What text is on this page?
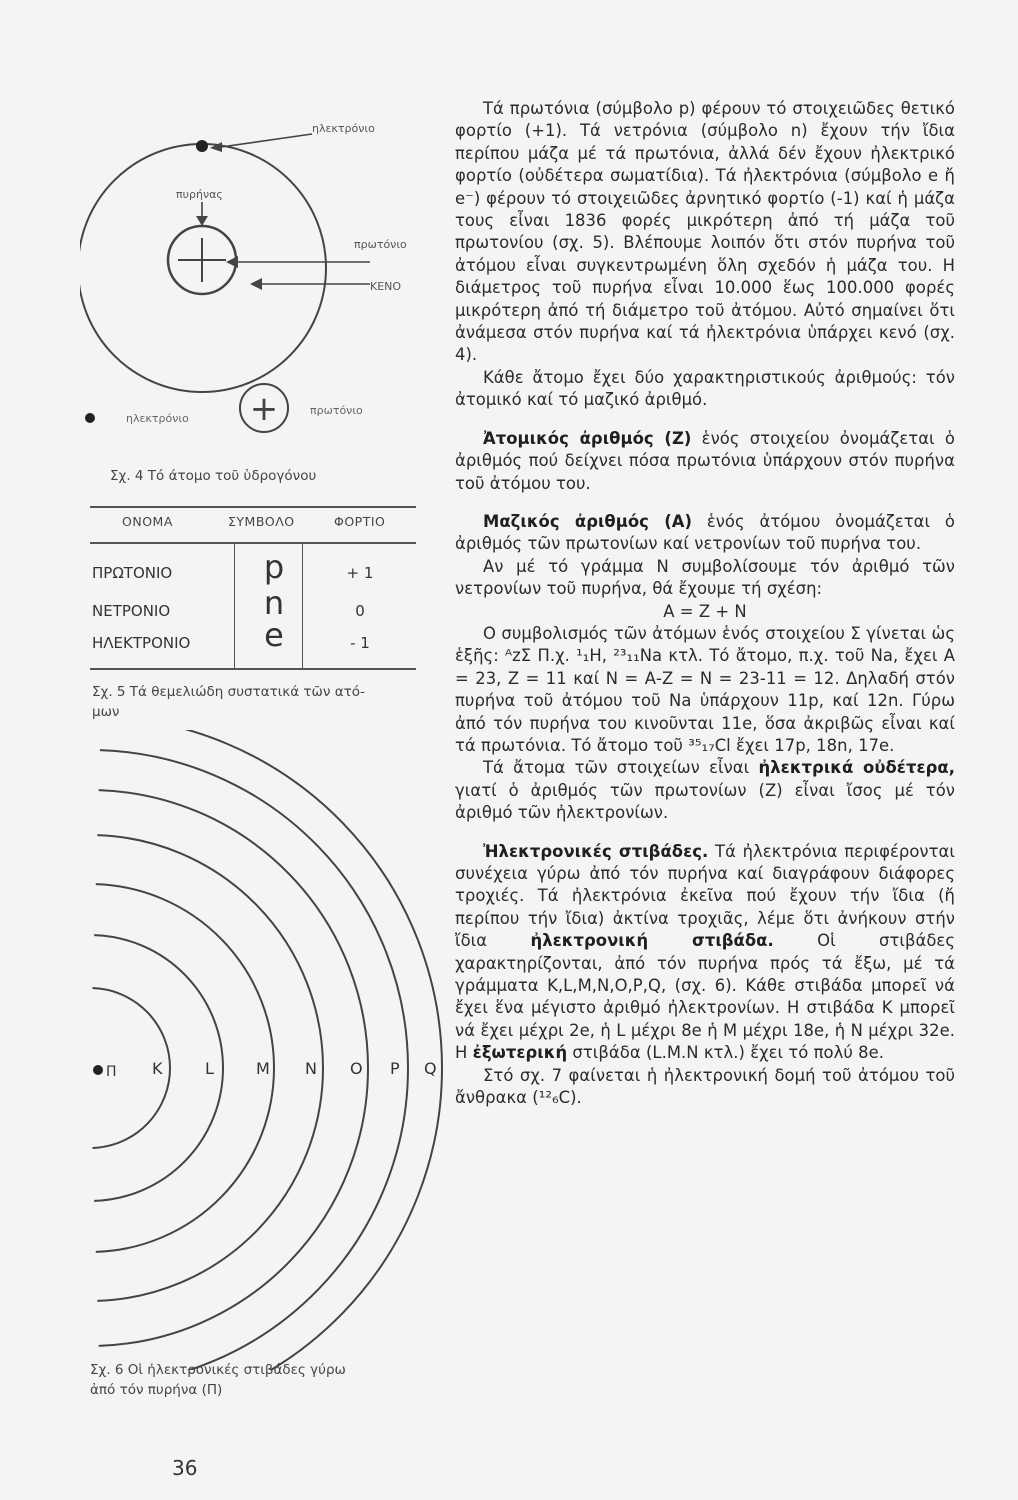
ηλεκτρόνιο
πυρήνας
πρωτόνιο
ΚΕΝΟ
ηλεκτρόνιο +	πρωτόνιο
Σχ. 4 Τό άτομο τοῦ ὑδρογόνου
ΟΝΟΜΑ	ΣΥΜΒΟΛΟ	ΦΟΡΤΙΟ
ΠΡΩΤΟΝΙΟ	p	+ 1
ΝΕΤΡΟΝΙΟ	n	0
ΗΛΕΚΤΡΟΝΙΟ e	- 1
Σχ. 5 Τά θεμελιώδη συστατικά τῶν ατό-
μων
K	L	M N O P Q
Π
Σχ. 6 Οἱ ἠλεκτρονικές στιβάδες γύρω
ἀπό τόν πυρήνα (Π)

Τά πρωτόνια (σύμβολο p) φέρουν τό στοιχειῶδες θετικό φορτίο (+1). Τά νετρόνια (σύμβολο n) ἔχουν τήν ἴδια περίπου μάζα μέ τά πρωτόνια, ἀλλά δέν ἔχουν ἠλεκτρικό φορτίο (οὐδέτερα σωματίδια). Τά ἠλεκτρόνια (σύμβολο e ἤ e⁻) φέρουν τό στοιχειῶδες ἀρνητικό φορτίο (-1) καί ἡ μάζα τους εἶναι 1836 φορές μικρότερη ἀπό τή μάζα τοῦ πρωτονίου (σχ. 5). Βλέπουμε λοιπόν ὅτι στόν πυρήνα τοῦ ἀτόμου εἶναι συγκεντρωμένη ὅλη σχεδόν ἡ μάζα του. Η διάμετρος τοῦ πυρήνα εἶναι 10.000 ἕως 100.000 φορές μικρότερη ἀπό τή διάμετρο τοῦ ἀτόμου. Αὐτό σημαίνει ὅτι ἀνάμεσα στόν πυρήνα καί τά ἠλεκτρόνια ὑπάρχει κενό (σχ. 4).

Κάθε ἄτομο ἔχει δύο χαρακτηριστικούς ἀριθμούς: τόν ἀτομικό καί τό μαζικό ἀριθμό.

Ἀτομικός ἀριθμός (Ζ) ἑνός στοιχείου ὀνομάζεται ὁ ἀριθμός πού δείχνει πόσα πρωτόνια ὑπάρχουν στόν πυρήνα τοῦ ἀτόμου του.

Μαζικός ἀριθμός (Α) ἑνός ἀτόμου ὀνομάζεται ὁ ἀριθμός τῶν πρωτονίων καί νετρονίων τοῦ πυρήνα του.

Αν μέ τό γράμμα Ν συμβολίσουμε τόν ἀριθμό τῶν νετρονίων τοῦ πυρήνα, θά ἔχουμε τή σχέση:

Α = Ζ + Ν

Ο συμβολισμός τῶν ἀτόμων ἑνός στοιχείου Σ γίνεται ὡς ἑξῆς: ᴬzΣ Π.χ. ¹₁Η, ²³₁₁Na κτλ. Τό ἄτομο, π.χ. τοῦ Na, ἔχει Α = 23, Ζ = 11 καί Ν = Α-Ζ = Ν = 23-11 = 12. Δηλαδή στόν πυρήνα τοῦ ἀτόμου τοῦ Na ὑπάρχουν 11p, καί 12n. Γύρω ἀπό τόν πυρήνα του κινοῦνται 11e, ὅσα ἀκριβῶς εἶναι καί τά πρωτόνια. Τό ἄτομο τοῦ ³⁵₁₇Cl ἔχει 17p, 18n, 17e.

Τά ἄτομα τῶν στοιχείων εἶναι ἠλεκτρικά οὐδέτερα, γιατί ὁ ἀριθμός τῶν πρωτονίων (Ζ) εἶναι ἴσος μέ τόν ἀριθμό τῶν ἠλεκτρονίων.

Ἠλεκτρονικές στιβάδες. Τά ἠλεκτρόνια περιφέρονται συνέχεια γύρω ἀπό τόν πυρήνα καί διαγράφουν διάφορες τροχιές. Τά ἠλεκτρόνια ἐκεῖνα πού ἔχουν τήν ἴδια (ἤ περίπου τήν ἴδια) ἀκτίνα τροχιᾶς, λέμε ὅτι ἀνήκουν στήν ἴδια ἠλεκτρονική στιβάδα. Οἱ στιβάδες χαρακτηρίζονται, ἀπό τόν πυρήνα πρός τά ἔξω, μέ τά γράμματα K,L,M,N,O,P,Q, (σχ. 6). Κάθε στιβάδα μπορεῖ νά ἔχει ἕνα μέγιστο ἀριθμό ἠλεκτρονίων. Η στιβάδα Κ μπορεῖ νά ἔχει μέχρι 2e, ἡ L μέχρι 8e ἡ Μ μέχρι 18e, ἡ Ν μέχρι 32e. Η ἐξωτερική στιβάδα (L.M.N κτλ.) ἔχει τό πολύ 8e.

Στό σχ. 7 φαίνεται ἡ ἠλεκτρονική δομή τοῦ ἀτόμου τοῦ ἄνθρακα (¹²₆C).

36
